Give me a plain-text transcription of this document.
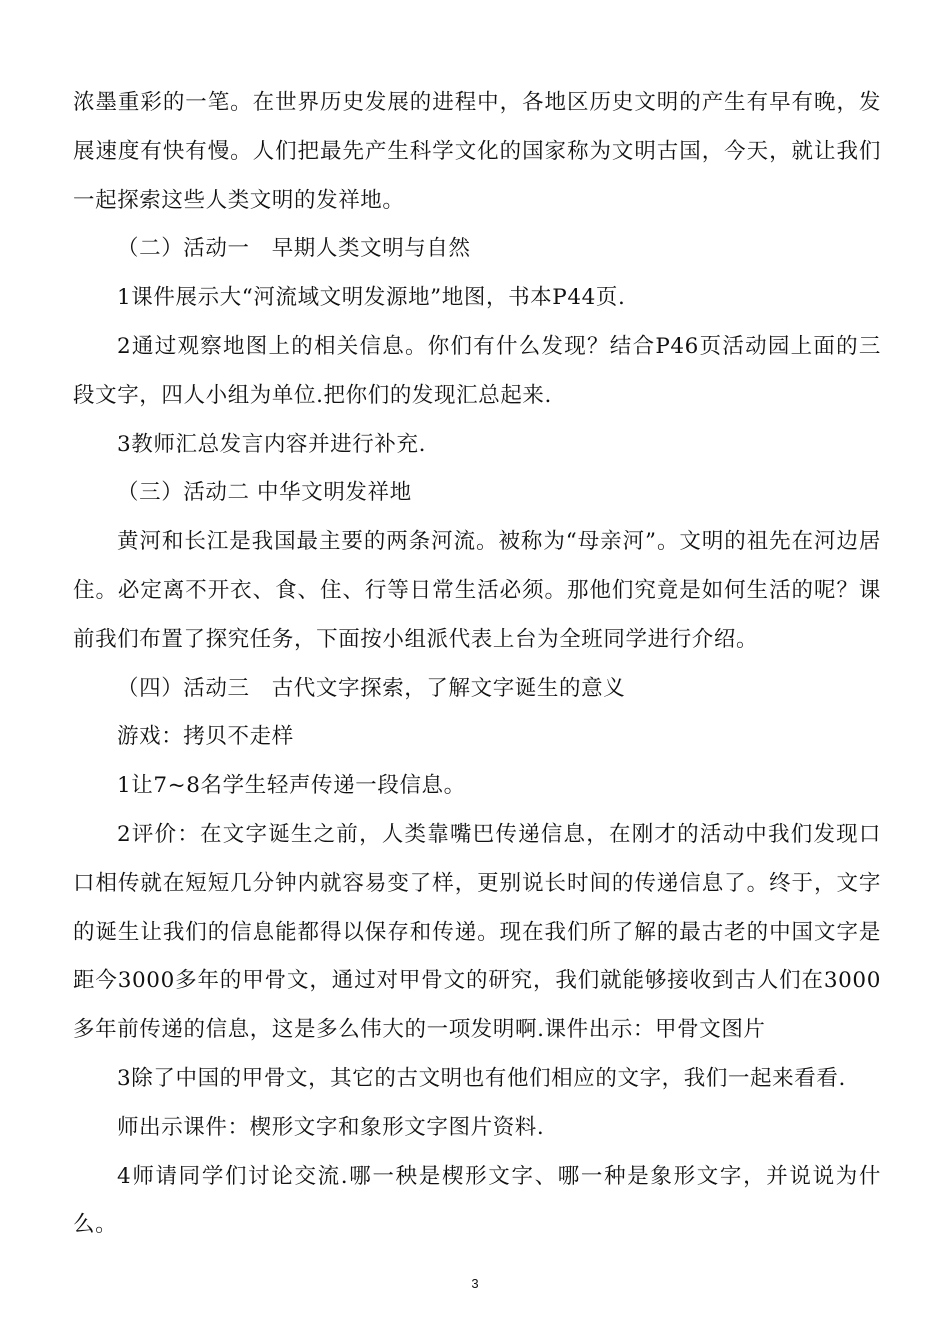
浓墨重彩的一笔。在世界历史发展的进程中，各地区历史文明的产生有早有晚，发展速度有快有慢。人们把最先产生科学文化的国家称为文明古国，今天，就让我们一起探索这些人类文明的发祥地。

（二）活动一　早期人类文明与自然

1课件展示大“河流域文明发源地”地图，书本P44页.

2通过观察地图上的相关信息。你们有什么发现？结合P46页活动园上面的三段文字，四人小组为单位.把你们的发现汇总起来.

3教师汇总发言内容并进行补充.

（三）活动二 中华文明发祥地

黄河和长江是我国最主要的两条河流。被称为“母亲河”。文明的祖先在河边居住。必定离不开衣、食、住、行等日常生活必须。那他们究竟是如何生活的呢？课前我们布置了探究任务，下面按小组派代表上台为全班同学进行介绍。

（四）活动三　古代文字探索，了解文字诞生的意义

游戏：拷贝不走样

1让7~8名学生轻声传递一段信息。

2评价：在文字诞生之前，人类靠嘴巴传递信息，在刚才的活动中我们发现口口相传就在短短几分钟内就容易变了样，更别说长时间的传递信息了。终于，文字的诞生让我们的信息能都得以保存和传递。现在我们所了解的最古老的中国文字是距今3000多年的甲骨文，通过对甲骨文的研究，我们就能够接收到古人们在3000多年前传递的信息，这是多么伟大的一项发明啊.课件出示：甲骨文图片

3除了中国的甲骨文，其它的古文明也有他们相应的文字，我们一起来看看.

师出示课件：楔形文字和象形文字图片资料.

4师请同学们讨论交流.哪一秧是楔形文字、哪一种是象形文字，并说说为什么。

3
